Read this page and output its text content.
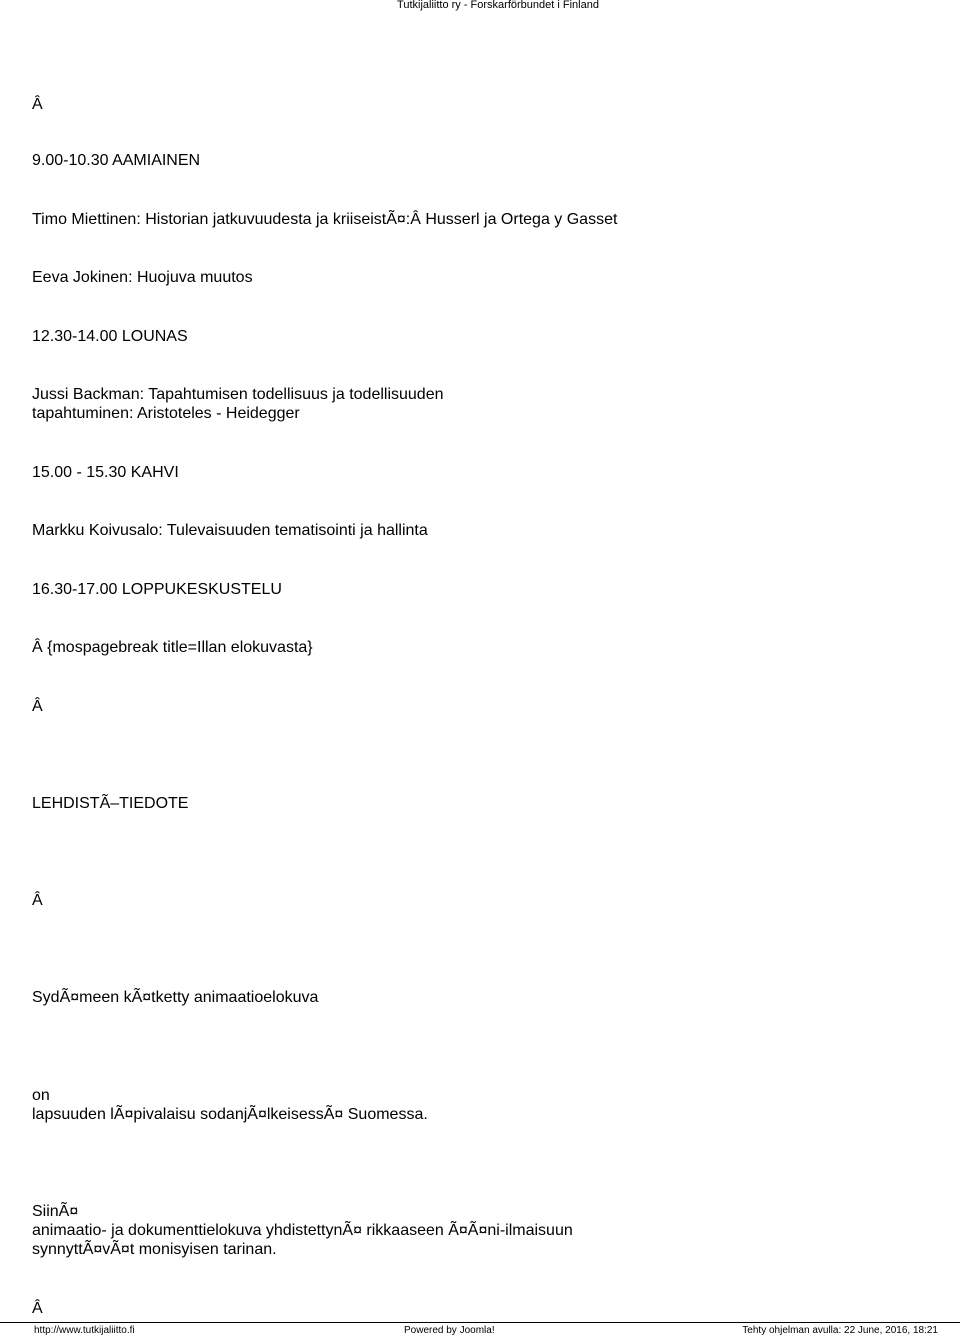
Tutkijaliitto ry - Forskarförbundet i Finland
Â
9.00-10.30 AAMIAINEN
Timo Miettinen: Historian jatkuvuudesta ja kriiseistÃ¤:Â Husserl ja Ortega y Gasset
Eeva Jokinen: Huojuva muutos
12.30-14.00 LOUNAS
Jussi Backman: Tapahtumisen todellisuus ja todellisuuden
tapahtuminen: Aristoteles - Heidegger
15.00 - 15.30 KAHVI
Markku Koivusalo: Tulevaisuuden tematisointi ja hallinta
16.30-17.00 LOPPUKESKUSTELU
Â {mospagebreak title=Illan elokuvasta}
Â
LEHDISTÃ–TIEDOTE
Â
SydÃ¤meen kÃ¤tketty animaatioelokuva
on
lapsuuden lÃ¤pivalaisu sodanjÃ¤lkeisessÃ¤ Suomessa.
SiinÃ¤
animaatio- ja dokumenttielokuva yhdistettynÃ¤ rikkaaseen Ã¤Ã¤ni-ilmaisuun
synnyttÃ¤vÃ¤t monisyisen tarinan.
Â
http://www.tutkijaliitto.fi	Powered by Joomla!	Tehty ohjelman avulla: 22 June, 2016, 18:21
